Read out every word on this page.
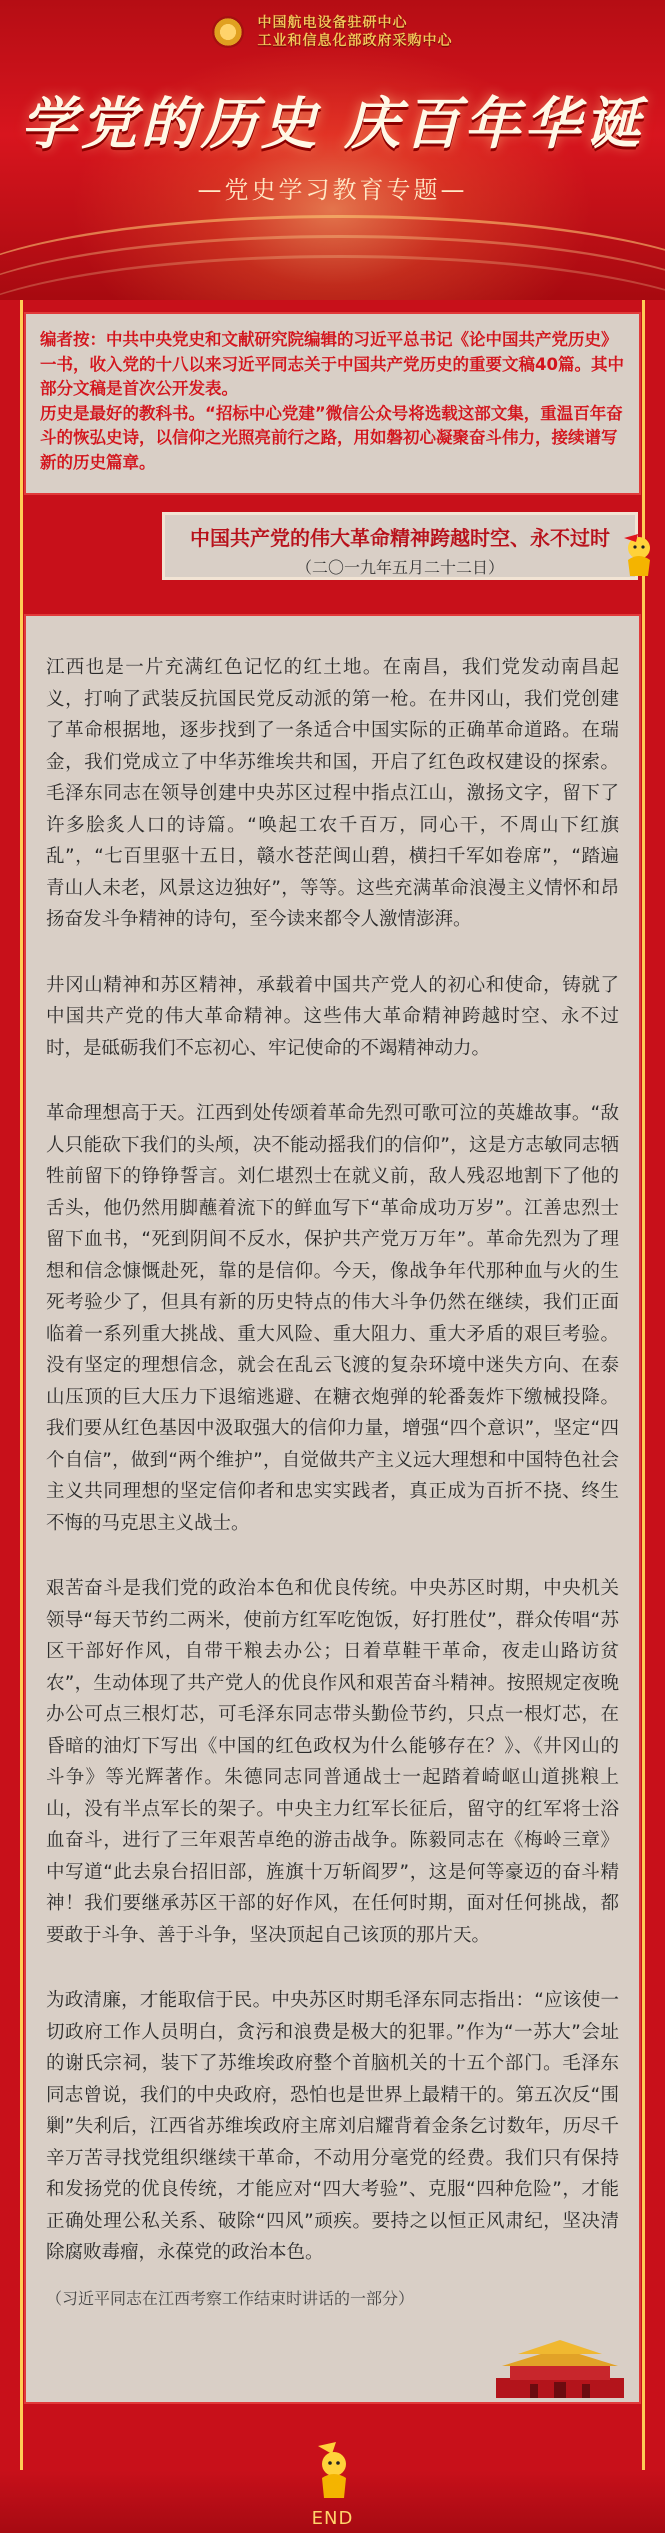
中国航电设备驻研中心
工业和信息化部政府采购中心
学党的历史 庆百年华诞
—党史学习教育专题—

编者按：中共中央党史和文献研究院编辑的习近平总书记《论中国共产党历史》一书，收入党的十八以来习近平同志关于中国共产党历史的重要文稿40篇。其中部分文稿是首次公开发表。

历史是最好的教科书。“招标中心党建”微信公众号将选载这部文集，重温百年奋斗的恢弘史诗，以信仰之光照亮前行之路，用如磐初心凝聚奋斗伟力，接续谱写新的历史篇章。

中国共产党的伟大革命精神跨越时空、永不过时
（二〇一九年五月二十二日）

江西也是一片充满红色记忆的红土地。在南昌，我们党发动南昌起义，打响了武装反抗国民党反动派的第一枪。在井冈山，我们党创建了革命根据地，逐步找到了一条适合中国实际的正确革命道路。在瑞金，我们党成立了中华苏维埃共和国，开启了红色政权建设的探索。毛泽东同志在领导创建中央苏区过程中指点江山，激扬文字，留下了许多脍炙人口的诗篇。“唤起工农千百万，同心干，不周山下红旗乱”，“七百里驱十五日，赣水苍茫闽山碧，横扫千军如卷席”，“踏遍青山人未老，风景这边独好”，等等。这些充满革命浪漫主义情怀和昂扬奋发斗争精神的诗句，至今读来都令人激情澎湃。

井冈山精神和苏区精神，承载着中国共产党人的初心和使命，铸就了中国共产党的伟大革命精神。这些伟大革命精神跨越时空、永不过时，是砥砺我们不忘初心、牢记使命的不竭精神动力。

革命理想高于天。江西到处传颂着革命先烈可歌可泣的英雄故事。“敌人只能砍下我们的头颅，决不能动摇我们的信仰”，这是方志敏同志牺牲前留下的铮铮誓言。刘仁堪烈士在就义前，敌人残忍地割下了他的舌头，他仍然用脚蘸着流下的鲜血写下“革命成功万岁”。江善忠烈士留下血书，“死到阴间不反水，保护共产党万万年”。革命先烈为了理想和信念慷慨赴死，靠的是信仰。今天，像战争年代那种血与火的生死考验少了，但具有新的历史特点的伟大斗争仍然在继续，我们正面临着一系列重大挑战、重大风险、重大阻力、重大矛盾的艰巨考验。没有坚定的理想信念，就会在乱云飞渡的复杂环境中迷失方向、在泰山压顶的巨大压力下退缩逃避、在糖衣炮弹的轮番轰炸下缴械投降。我们要从红色基因中汲取强大的信仰力量，增强“四个意识”，坚定“四个自信”，做到“两个维护”，自觉做共产主义远大理想和中国特色社会主义共同理想的坚定信仰者和忠实实践者，真正成为百折不挠、终生不悔的马克思主义战士。

艰苦奋斗是我们党的政治本色和优良传统。中央苏区时期，中央机关领导“每天节约二两米，使前方红军吃饱饭，好打胜仗”，群众传唱“苏区干部好作风，自带干粮去办公；日着草鞋干革命，夜走山路访贫农”，生动体现了共产党人的优良作风和艰苦奋斗精神。按照规定夜晚办公可点三根灯芯，可毛泽东同志带头勤俭节约，只点一根灯芯，在昏暗的油灯下写出《中国的红色政权为什么能够存在？》、《井冈山的斗争》等光辉著作。朱德同志同普通战士一起踏着崎岖山道挑粮上山，没有半点军长的架子。中央主力红军长征后，留守的红军将士浴血奋斗，进行了三年艰苦卓绝的游击战争。陈毅同志在《梅岭三章》中写道“此去泉台招旧部，旌旗十万斩阎罗”，这是何等豪迈的奋斗精神！我们要继承苏区干部的好作风，在任何时期，面对任何挑战，都要敢于斗争、善于斗争，坚决顶起自己该顶的那片天。

为政清廉，才能取信于民。中央苏区时期毛泽东同志指出：“应该使一切政府工作人员明白，贪污和浪费是极大的犯罪。”作为“一苏大”会址的谢氏宗祠，装下了苏维埃政府整个首脑机关的十五个部门。毛泽东同志曾说，我们的中央政府，恐怕也是世界上最精干的。第五次反“围剿”失利后，江西省苏维埃政府主席刘启耀背着金条乞讨数年，历尽千辛万苦寻找党组织继续干革命，不动用分毫党的经费。我们只有保持和发扬党的优良传统，才能应对“四大考验”、克服“四种危险”，才能正确处理公私关系、破除“四风”顽疾。要持之以恒正风肃纪，坚决清除腐败毒瘤，永葆党的政治本色。

（习近平同志在江西考察工作结束时讲话的一部分）

END
